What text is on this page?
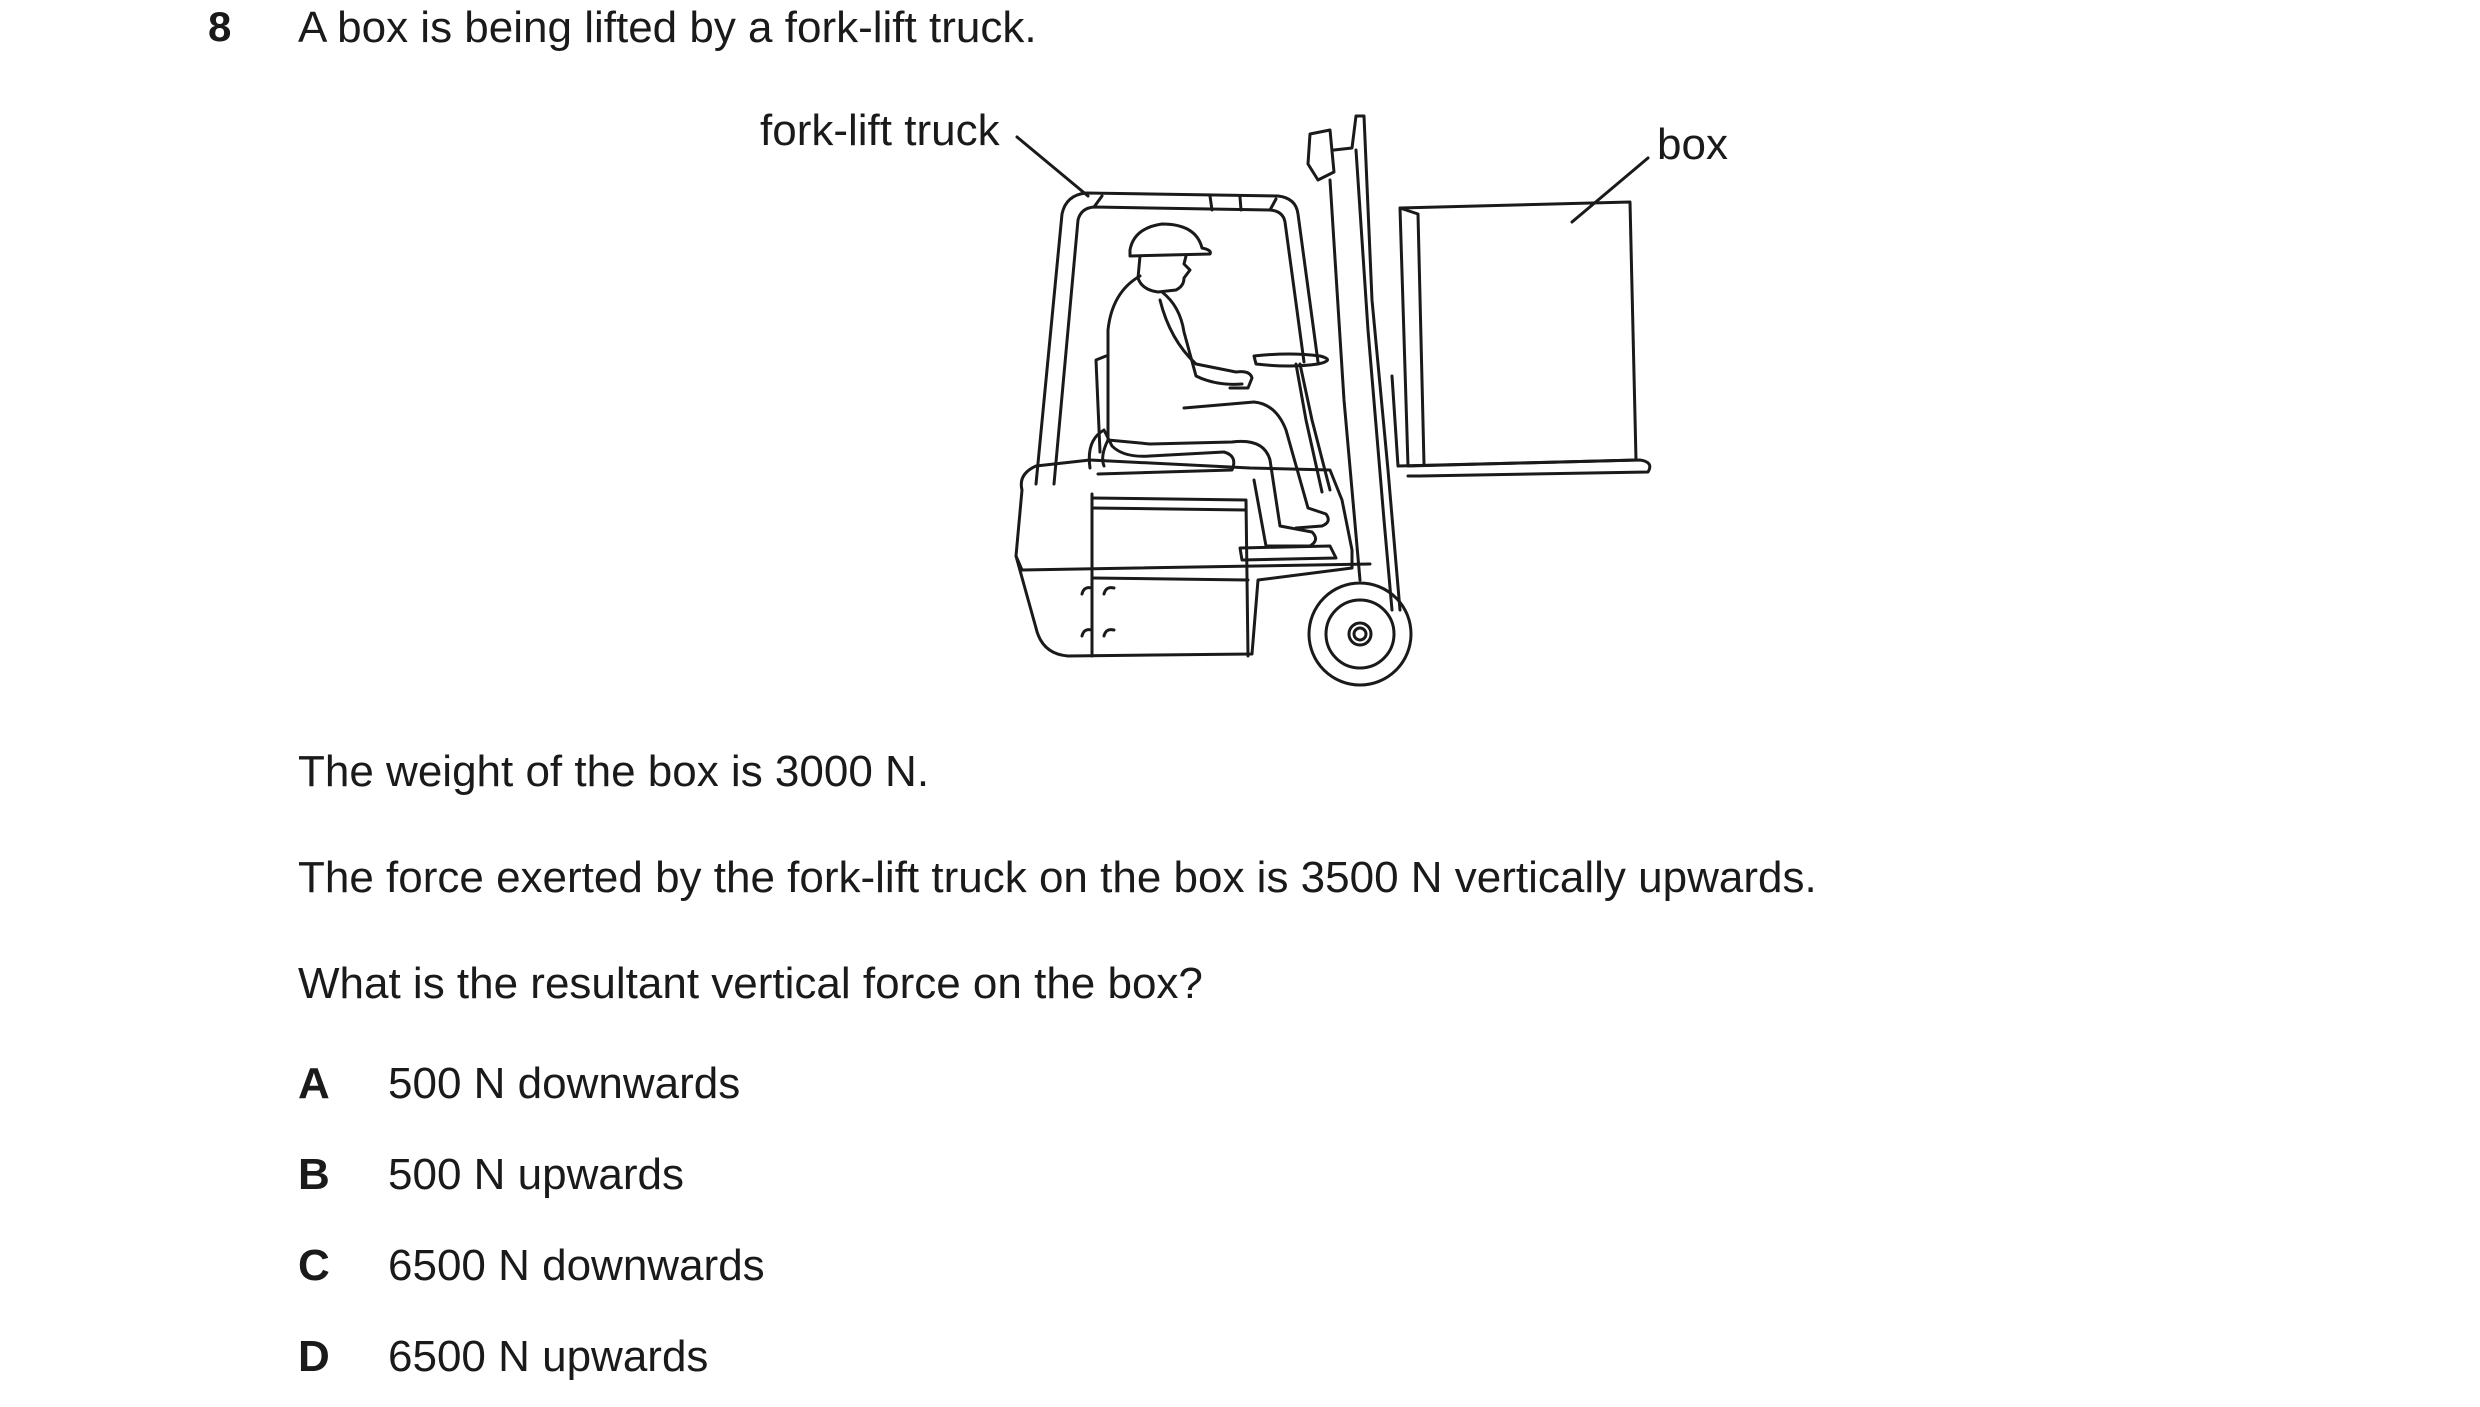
8 A box is being lifted by a fork-lift truck.
fork-lift truck	box
The weight of the box is 3000 N.
The force exerted by the fork-lift truck on the box is 3500 N vertically upwards.
What is the resultant vertical force on the box?
A 500 N downwards
B 500 N upwards
C 6500 N downwards
D 6500 N upwards
